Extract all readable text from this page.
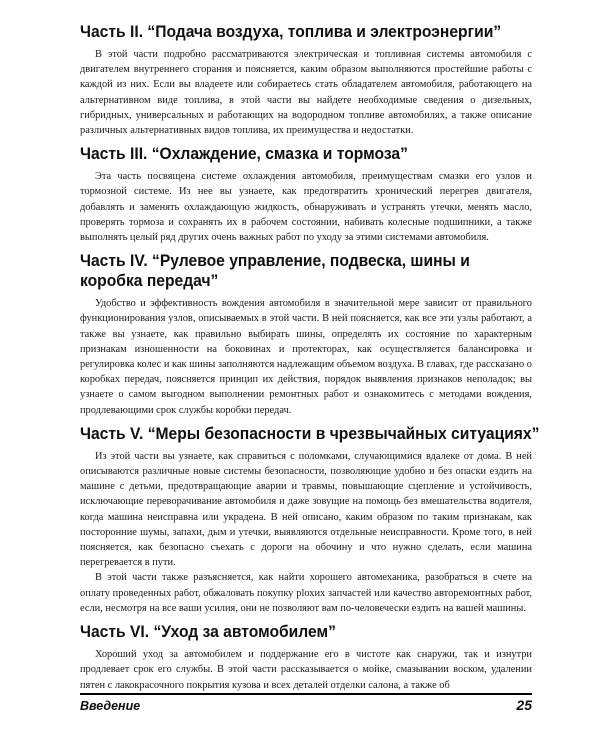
Часть II. “Подача воздуха, топлива и электроэнергии”

В этой части подробно рассматриваются электрическая и топливная системы автомобиля с двигателем внутреннего сгорания и поясняется, каким образом выполняются простейшие работы с каждой из них. Если вы владеете или собираетесь стать обладателем автомобиля, работающего на альтернативном виде топлива, в этой части вы найдете необходимые сведения о дизельных, гибридных, универсальных и работающих на водородном топливе автомобилях, а также описание различных альтернативных видов топлива, их преимущества и недостатки.

Часть III. “Охлаждение, смазка и тормоза”

Эта часть посвящена системе охлаждения автомобиля, преимуществам смазки его узлов и тормозной системе. Из нее вы узнаете, как предотвратить хронический перегрев двигателя, добавлять и заменять охлаждающую жидкость, обнаруживать и устранять утечки, менять масло, проверять тормоза и сохранять их в рабочем состоянии, набивать колесные подшипники, а также выполнять целый ряд других очень важных работ по уходу за этими системами автомобиля.

Часть IV. “Рулевое управление, подвеска, шины и коробка передач”

Удобство и эффективность вождения автомобиля в значительной мере зависит от правильного функционирования узлов, описываемых в этой части. В ней поясняется, как все эти узлы работают, а также вы узнаете, как правильно выбирать шины, определять их состояние по характерным признакам изношенности на боковинах и протекторах, как осуществляется балансировка и регулировка колес и как шины заполняются надлежащим объемом воздуха. В главах, где рассказано о коробках передач, поясняется принцип их действия, порядок выявления признаков неполадок; вы узнаете о самом выгодном выполнении ремонтных работ и ознакомитесь с методами вождения, продлевающими срок службы коробки передач.

Часть V. “Меры безопасности в чрезвычайных ситуациях”

Из этой части вы узнаете, как справиться с поломками, случающимися вдалеке от дома. В ней описываются различные новые системы безопасности, позволяющие удобно и без опаски ездить на машине с детьми, предотвращающие аварии и травмы, повышающие сцепление и устойчивость, исключающие переворачивание автомобиля и даже зовущие на помощь без вмешательства водителя, когда машина неисправна или украдена. В ней описано, каким образом по таким признакам, как посторонние шумы, запахи, дым и утечки, выявляются отдельные неисправности. Кроме того, в ней поясняется, как безопасно съехать с дороги на обочину и что нужно сделать, если машина перегревается в пути.

В этой части также разъясняется, как найти хорошего автомеханика, разобраться в счете на оплату проведенных работ, обжаловать покупку plохих запчастей или качество авторемонтных работ, если, несмотря на все ваши усилия, они не позволяют вам по-человечески ездить на вашей машины.

Часть VI. “Уход за автомобилем”

Хороший уход за автомобилем и поддержание его в чистоте как снаружи, так и изнутри продлевает срок его службы. В этой части рассказывается о мойке, смазывании воском, удалении пятен с лакокрасочного покрытия кузова и всех деталей отделки салона, а также об

Введение	25
